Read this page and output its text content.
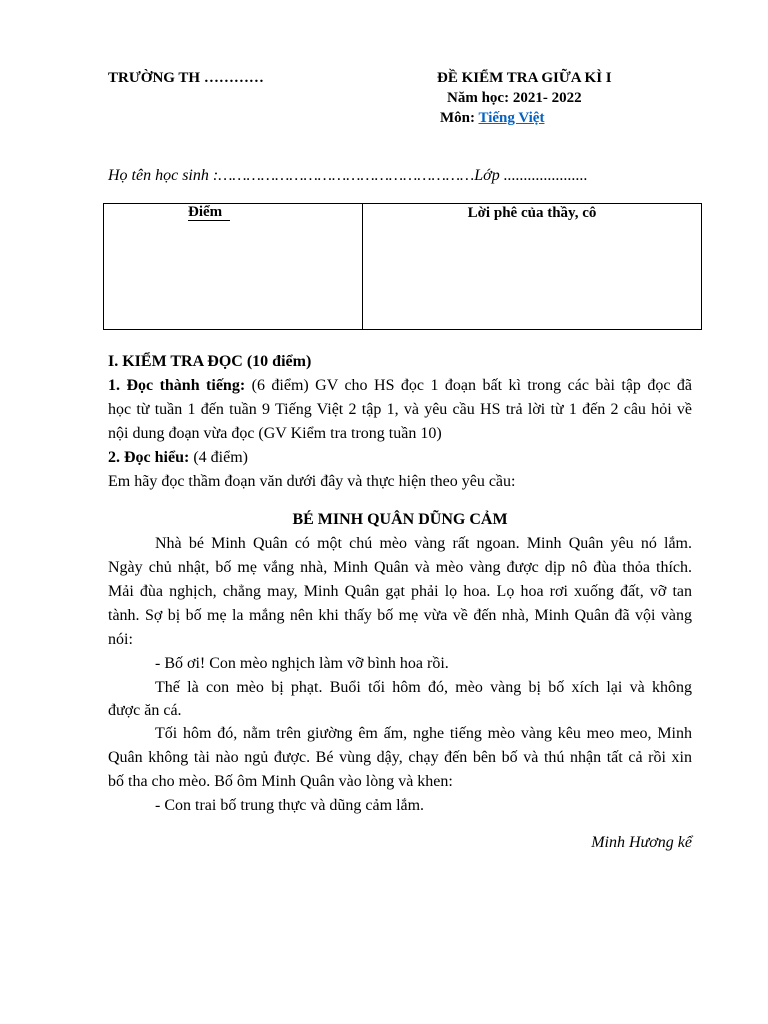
TRƯỜNG TH …………	ĐỀ KIỂM TRA GIỮA KÌ I
Năm học: 2021- 2022
Môn: Tiếng Việt
Họ tên học sinh :………………………………………………Lớp .....................
Điểm	Lời phê của thầy, cô
I. KIỂM TRA ĐỌC (10 điểm)
1. Đọc thành tiếng: (6 điểm) GV cho HS đọc 1 đoạn bất kì trong các bài tập đọc đã
học từ tuần 1 đến tuần 9 Tiếng Việt 2 tập 1, và yêu cầu HS trả lời từ 1 đến 2 câu hỏi về
nội dung đoạn vừa đọc (GV Kiểm tra trong tuần 10)
2. Đọc hiểu: (4 điểm)
Em hãy đọc thầm đoạn văn dưới đây và thực hiện theo yêu cầu:
BÉ MINH QUÂN DŨNG CẢM
Nhà bé Minh Quân có một chú mèo vàng rất ngoan. Minh Quân yêu nó lắm.
Ngày chủ nhật, bố mẹ vắng nhà, Minh Quân và mèo vàng được dịp nô đùa thỏa thích.
Mải đùa nghịch, chẳng may, Minh Quân gạt phải lọ hoa. Lọ hoa rơi xuống đất, vỡ tan
tành. Sợ bị bố mẹ la mắng nên khi thấy bố mẹ vừa về đến nhà, Minh Quân đã vội vàng
nói:
- Bố ơi! Con mèo nghịch làm vỡ bình hoa rồi.
Thế là con mèo bị phạt. Buổi tối hôm đó, mèo vàng bị bố xích lại và không
được ăn cá.
Tối hôm đó, nằm trên giường êm ấm, nghe tiếng mèo vàng kêu meo meo, Minh
Quân không tài nào ngủ được. Bé vùng dậy, chạy đến bên bố và thú nhận tất cả rồi xin
bố tha cho mèo. Bố ôm Minh Quân vào lòng và khen:
- Con trai bố trung thực và dũng cảm lắm.
Minh Hương kể
